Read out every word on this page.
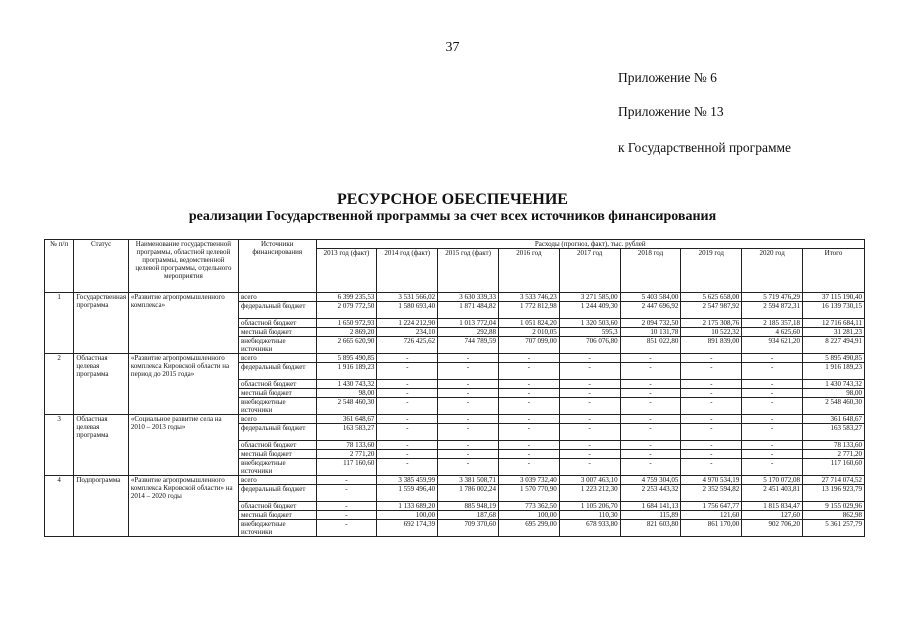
37
Приложение № 6
Приложение № 13
к Государственной программе
РЕСУРСНОЕ ОБЕСПЕЧЕНИЕ
реализации Государственной программы за счет всех источников финансирования
№ п/п	Статус	Наименование государственной программы, областной целевой программы, ведомственной целевой программы, отдельного мероприятия	Источники финансирования	Расходы (прогноз, факт), тыс. рублей								
				2013 год (факт)	2014 год (факт)	2015 год (факт)	2016 год	2017 год	2018 год	2019 год	2020 год	Итого
1	Государственная программа	«Развитие агропромышленного комплекса»	всего	6 399 235,53	3 531 566,02	3 630 339,33	3 533 746,23	3 271 585,00	5 403 584,00	5 625 658,00	5 719 476,29	37 115 190,40
			федеральный бюджет	2 079 772,50	1 580 693,40	1 871 484,82	1 772 812,98	1 244 409,30	2 447 696,92	2 547 987,92	2 594 872,31	16 139 730,15
			областной бюджет	1 650 972,93	1 224 212,90	1 013 772,04	1 051 824,20	1 320 503,60	2 094 732,50	2 175 308,76	2 185 357,18	12 716 684,11
			местный бюджет	2 869,20	234,10	292,88	2 010,05	595,3	10 131,78	10 522,32	4 625,60	31 281,23
			внебюджетные источники	2 665 620,90	726 425,62	744 789,59	707 099,00	706 076,80	851 022,80	891 839,00	934 621,20	8 227 494,91
2	Областная целевая программа	«Развитие агропромышленного комплекса Кировской области на период до 2015 года»	всего	5 895 490,85	-	-	-	-	-	-	-	5 895 490,85
			федеральный бюджет	1 916 189,23	-	-	-	-	-	-	-	1 916 189,23
			областной бюджет	1 430 743,32	-	-	-	-	-	-	-	1 430 743,32
			местный бюджет	98,00	-	-	-	-	-	-	-	98,00
			внебюджетные источники	2 548 460,30	-	-	-	-	-	-	-	2 548 460,30
3	Областная целевая программа	«Социальное развитие села на 2010 – 2013 годы»	всего	361 648,67	-	-	-	-	-	-	-	361 648,67
			федеральный бюджет	163 583,27	-	-	-	-	-	-	-	163 583,27
			областной бюджет	78 133,60	-	-	-	-	-	-	-	78 133,60
			местный бюджет	2 771,20	-	-	-	-	-	-	-	2 771,20
			внебюджетные источники	117 160,60	-	-	-	-	-	-	-	117 160,60
4	Подпрограмма	«Развитие агропромышленного комплекса Кировской области» на 2014 – 2020 годы	всего	-	3 385 459,99	3 381 508,71	3 039 732,40	3 007 463,10	4 759 304,05	4 970 534,19	5 170 072,08	27 714 074,52
			федеральный бюджет	-	1 559 496,40	1 786 002,24	1 570 770,90	1 223 212,30	2 253 443,32	2 352 594,82	2 451 403,81	13 196 923,79
			областной бюджет	-	1 133 689,20	885 948,19	773 362,50	1 105 206,70	1 684 141,13	1 756 647,77	1 815 834,47	9 155 029,96
			местный бюджет	-	100,00	187,68	100,00	110,30	115,89	121,60	127,60	862,98
			внебюджетные источники	-	692 174,39	709 370,60	695 299,00	678 933,80	821 603,80	861 170,00	902 706,20	5 361 257,79
